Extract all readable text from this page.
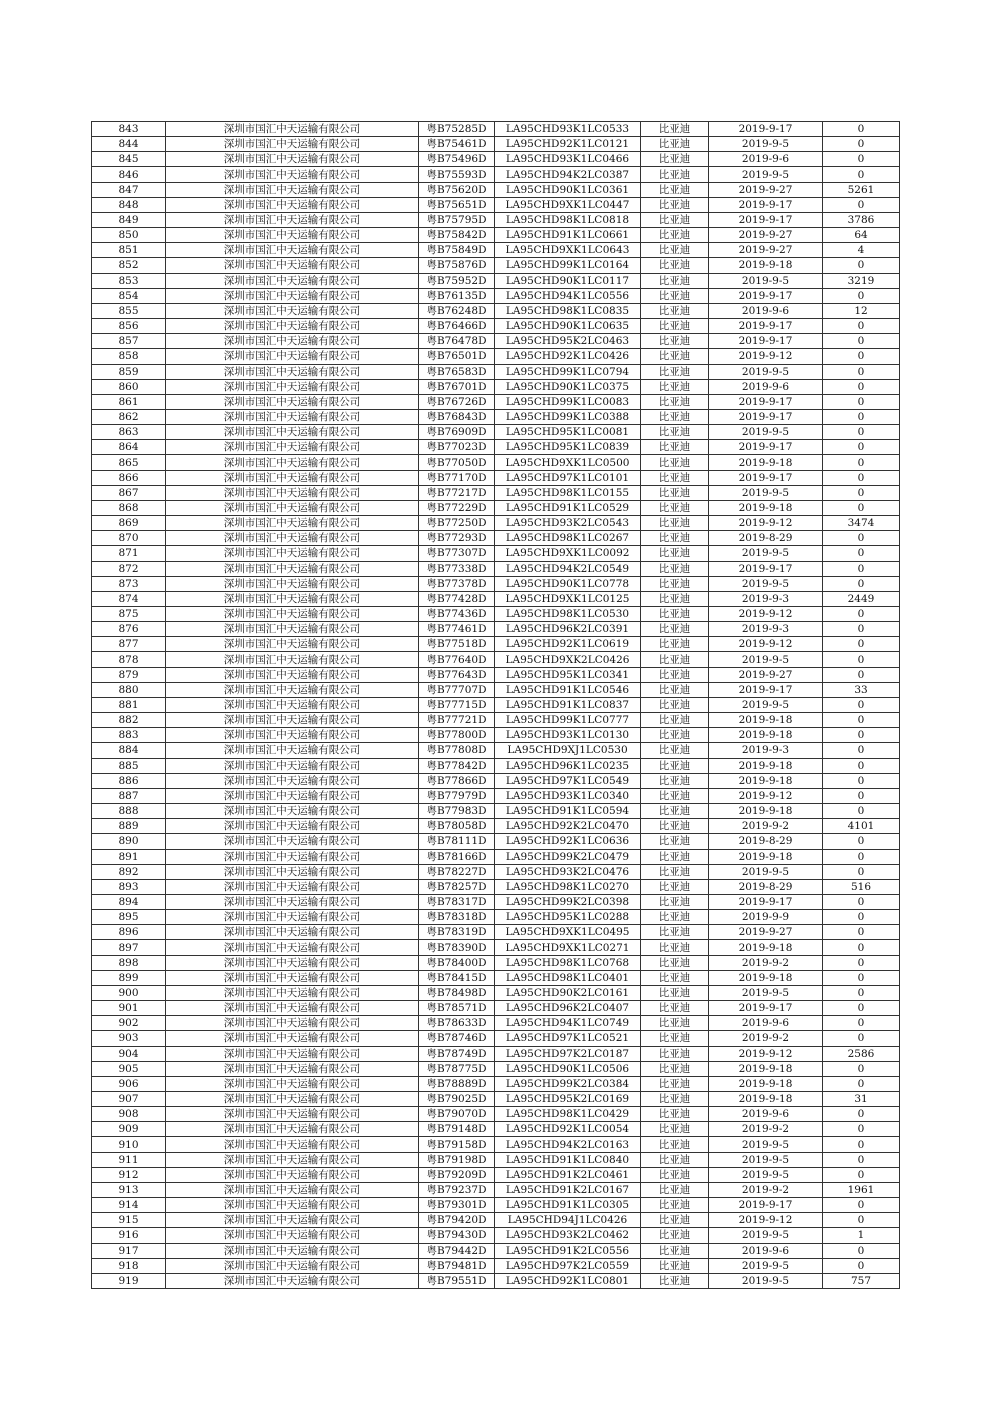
843	深圳市国汇中天运输有限公司	粤B75285D	LA95CHD93K1LC0533	比亚迪	2019-9-17	0
844	深圳市国汇中天运输有限公司	粤B75461D	LA95CHD92K1LC0121	比亚迪	2019-9-5	0
845	深圳市国汇中天运输有限公司	粤B75496D	LA95CHD93K1LC0466	比亚迪	2019-9-6	0
846	深圳市国汇中天运输有限公司	粤B75593D	LA95CHD94K2LC0387	比亚迪	2019-9-5	0
847	深圳市国汇中天运输有限公司	粤B75620D	LA95CHD90K1LC0361	比亚迪	2019-9-27	5261
848	深圳市国汇中天运输有限公司	粤B75651D	LA95CHD9XK1LC0447	比亚迪	2019-9-17	0
849	深圳市国汇中天运输有限公司	粤B75795D	LA95CHD98K1LC0818	比亚迪	2019-9-17	3786
850	深圳市国汇中天运输有限公司	粤B75842D	LA95CHD91K1LC0661	比亚迪	2019-9-27	64
851	深圳市国汇中天运输有限公司	粤B75849D	LA95CHD9XK1LC0643	比亚迪	2019-9-27	4
852	深圳市国汇中天运输有限公司	粤B75876D	LA95CHD99K1LC0164	比亚迪	2019-9-18	0
853	深圳市国汇中天运输有限公司	粤B75952D	LA95CHD90K1LC0117	比亚迪	2019-9-5	3219
854	深圳市国汇中天运输有限公司	粤B76135D	LA95CHD94K1LC0556	比亚迪	2019-9-17	0
855	深圳市国汇中天运输有限公司	粤B76248D	LA95CHD98K1LC0835	比亚迪	2019-9-6	12
856	深圳市国汇中天运输有限公司	粤B76466D	LA95CHD90K1LC0635	比亚迪	2019-9-17	0
857	深圳市国汇中天运输有限公司	粤B76478D	LA95CHD95K2LC0463	比亚迪	2019-9-17	0
858	深圳市国汇中天运输有限公司	粤B76501D	LA95CHD92K1LC0426	比亚迪	2019-9-12	0
859	深圳市国汇中天运输有限公司	粤B76583D	LA95CHD99K1LC0794	比亚迪	2019-9-5	0
860	深圳市国汇中天运输有限公司	粤B76701D	LA95CHD90K1LC0375	比亚迪	2019-9-6	0
861	深圳市国汇中天运输有限公司	粤B76726D	LA95CHD99K1LC0083	比亚迪	2019-9-17	0
862	深圳市国汇中天运输有限公司	粤B76843D	LA95CHD99K1LC0388	比亚迪	2019-9-17	0
863	深圳市国汇中天运输有限公司	粤B76909D	LA95CHD95K1LC0081	比亚迪	2019-9-5	0
864	深圳市国汇中天运输有限公司	粤B77023D	LA95CHD95K1LC0839	比亚迪	2019-9-17	0
865	深圳市国汇中天运输有限公司	粤B77050D	LA95CHD9XK1LC0500	比亚迪	2019-9-18	0
866	深圳市国汇中天运输有限公司	粤B77170D	LA95CHD97K1LC0101	比亚迪	2019-9-17	0
867	深圳市国汇中天运输有限公司	粤B77217D	LA95CHD98K1LC0155	比亚迪	2019-9-5	0
868	深圳市国汇中天运输有限公司	粤B77229D	LA95CHD91K1LC0529	比亚迪	2019-9-18	0
869	深圳市国汇中天运输有限公司	粤B77250D	LA95CHD93K2LC0543	比亚迪	2019-9-12	3474
870	深圳市国汇中天运输有限公司	粤B77293D	LA95CHD98K1LC0267	比亚迪	2019-8-29	0
871	深圳市国汇中天运输有限公司	粤B77307D	LA95CHD9XK1LC0092	比亚迪	2019-9-5	0
872	深圳市国汇中天运输有限公司	粤B77338D	LA95CHD94K2LC0549	比亚迪	2019-9-17	0
873	深圳市国汇中天运输有限公司	粤B77378D	LA95CHD90K1LC0778	比亚迪	2019-9-5	0
874	深圳市国汇中天运输有限公司	粤B77428D	LA95CHD9XK1LC0125	比亚迪	2019-9-3	2449
875	深圳市国汇中天运输有限公司	粤B77436D	LA95CHD98K1LC0530	比亚迪	2019-9-12	0
876	深圳市国汇中天运输有限公司	粤B77461D	LA95CHD96K2LC0391	比亚迪	2019-9-3	0
877	深圳市国汇中天运输有限公司	粤B77518D	LA95CHD92K1LC0619	比亚迪	2019-9-12	0
878	深圳市国汇中天运输有限公司	粤B77640D	LA95CHD9XK2LC0426	比亚迪	2019-9-5	0
879	深圳市国汇中天运输有限公司	粤B77643D	LA95CHD95K1LC0341	比亚迪	2019-9-27	0
880	深圳市国汇中天运输有限公司	粤B77707D	LA95CHD91K1LC0546	比亚迪	2019-9-17	33
881	深圳市国汇中天运输有限公司	粤B77715D	LA95CHD91K1LC0837	比亚迪	2019-9-5	0
882	深圳市国汇中天运输有限公司	粤B77721D	LA95CHD99K1LC0777	比亚迪	2019-9-18	0
883	深圳市国汇中天运输有限公司	粤B77800D	LA95CHD93K1LC0130	比亚迪	2019-9-18	0
884	深圳市国汇中天运输有限公司	粤B77808D	LA95CHD9XJ1LC0530	比亚迪	2019-9-3	0
885	深圳市国汇中天运输有限公司	粤B77842D	LA95CHD96K1LC0235	比亚迪	2019-9-18	0
886	深圳市国汇中天运输有限公司	粤B77866D	LA95CHD97K1LC0549	比亚迪	2019-9-18	0
887	深圳市国汇中天运输有限公司	粤B77979D	LA95CHD93K1LC0340	比亚迪	2019-9-12	0
888	深圳市国汇中天运输有限公司	粤B77983D	LA95CHD91K1LC0594	比亚迪	2019-9-18	0
889	深圳市国汇中天运输有限公司	粤B78058D	LA95CHD92K2LC0470	比亚迪	2019-9-2	4101
890	深圳市国汇中天运输有限公司	粤B78111D	LA95CHD92K1LC0636	比亚迪	2019-8-29	0
891	深圳市国汇中天运输有限公司	粤B78166D	LA95CHD99K2LC0479	比亚迪	2019-9-18	0
892	深圳市国汇中天运输有限公司	粤B78227D	LA95CHD93K2LC0476	比亚迪	2019-9-5	0
893	深圳市国汇中天运输有限公司	粤B78257D	LA95CHD98K1LC0270	比亚迪	2019-8-29	516
894	深圳市国汇中天运输有限公司	粤B78317D	LA95CHD99K2LC0398	比亚迪	2019-9-17	0
895	深圳市国汇中天运输有限公司	粤B78318D	LA95CHD95K1LC0288	比亚迪	2019-9-9	0
896	深圳市国汇中天运输有限公司	粤B78319D	LA95CHD9XK1LC0495	比亚迪	2019-9-27	0
897	深圳市国汇中天运输有限公司	粤B78390D	LA95CHD9XK1LC0271	比亚迪	2019-9-18	0
898	深圳市国汇中天运输有限公司	粤B78400D	LA95CHD98K1LC0768	比亚迪	2019-9-2	0
899	深圳市国汇中天运输有限公司	粤B78415D	LA95CHD98K1LC0401	比亚迪	2019-9-18	0
900	深圳市国汇中天运输有限公司	粤B78498D	LA95CHD90K2LC0161	比亚迪	2019-9-5	0
901	深圳市国汇中天运输有限公司	粤B78571D	LA95CHD96K2LC0407	比亚迪	2019-9-17	0
902	深圳市国汇中天运输有限公司	粤B78633D	LA95CHD94K1LC0749	比亚迪	2019-9-6	0
903	深圳市国汇中天运输有限公司	粤B78746D	LA95CHD97K1LC0521	比亚迪	2019-9-2	0
904	深圳市国汇中天运输有限公司	粤B78749D	LA95CHD97K2LC0187	比亚迪	2019-9-12	2586
905	深圳市国汇中天运输有限公司	粤B78775D	LA95CHD90K1LC0506	比亚迪	2019-9-18	0
906	深圳市国汇中天运输有限公司	粤B78889D	LA95CHD99K2LC0384	比亚迪	2019-9-18	0
907	深圳市国汇中天运输有限公司	粤B79025D	LA95CHD95K2LC0169	比亚迪	2019-9-18	31
908	深圳市国汇中天运输有限公司	粤B79070D	LA95CHD98K1LC0429	比亚迪	2019-9-6	0
909	深圳市国汇中天运输有限公司	粤B79148D	LA95CHD92K1LC0054	比亚迪	2019-9-2	0
910	深圳市国汇中天运输有限公司	粤B79158D	LA95CHD94K2LC0163	比亚迪	2019-9-5	0
911	深圳市国汇中天运输有限公司	粤B79198D	LA95CHD91K1LC0840	比亚迪	2019-9-5	0
912	深圳市国汇中天运输有限公司	粤B79209D	LA95CHD91K2LC0461	比亚迪	2019-9-5	0
913	深圳市国汇中天运输有限公司	粤B79237D	LA95CHD91K2LC0167	比亚迪	2019-9-2	1961
914	深圳市国汇中天运输有限公司	粤B79301D	LA95CHD91K1LC0305	比亚迪	2019-9-17	0
915	深圳市国汇中天运输有限公司	粤B79420D	LA95CHD94J1LC0426	比亚迪	2019-9-12	0
916	深圳市国汇中天运输有限公司	粤B79430D	LA95CHD93K2LC0462	比亚迪	2019-9-5	1
917	深圳市国汇中天运输有限公司	粤B79442D	LA95CHD91K2LC0556	比亚迪	2019-9-6	0
918	深圳市国汇中天运输有限公司	粤B79481D	LA95CHD97K2LC0559	比亚迪	2019-9-5	0
919	深圳市国汇中天运输有限公司	粤B79551D	LA95CHD92K1LC0801	比亚迪	2019-9-5	757
